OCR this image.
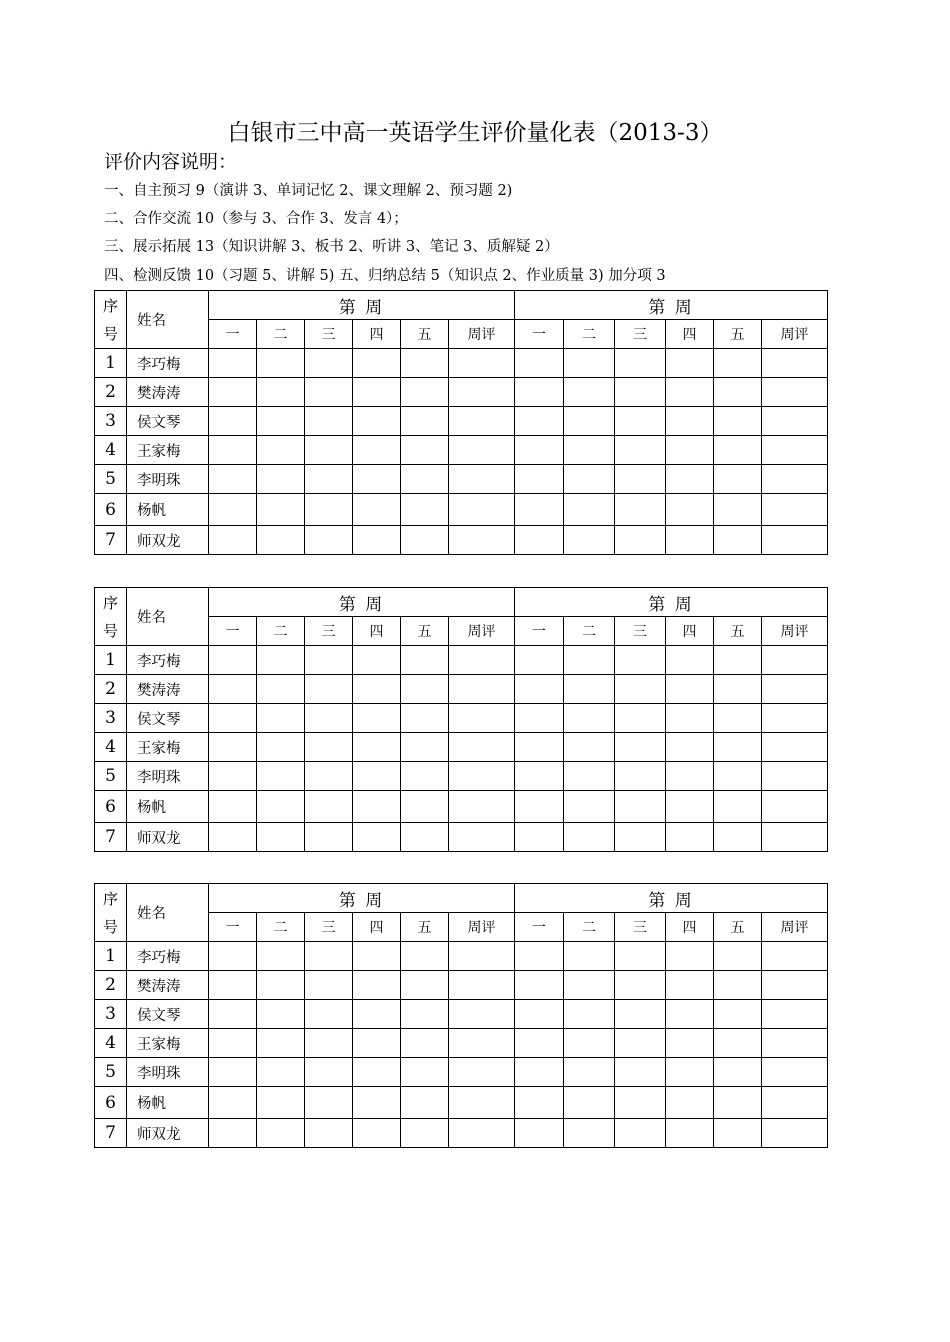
白银市三中高一英语学生评价量化表（2013-3）
评价内容说明：
一、自主预习 9（演讲 3、单词记忆 2、课文理解 2、预习题 2)
二、合作交流 10（参与 3、合作 3、发言 4）；
三、展示拓展 13（知识讲解 3、板书 2、听讲 3、笔记 3、质解疑 2）
四、检测反馈 10（习题 5、讲解 5) 五、归纳总结 5（知识点 2、作业质量 3) 加分项 3
序
号	姓名	第 周						第 周					
		一	二	三	四	五	周评	一	二	三	四	五	周评
1	李巧梅												
2	樊涛涛												
3	侯文琴												
4	王家梅												
5	李明珠												
6	杨帆												
7	师双龙												
序
号	姓名	第 周						第 周					
		一	二	三	四	五	周评	一	二	三	四	五	周评
1	李巧梅												
2	樊涛涛												
3	侯文琴												
4	王家梅												
5	李明珠												
6	杨帆												
7	师双龙												
序
号	姓名	第 周						第 周					
		一	二	三	四	五	周评	一	二	三	四	五	周评
1	李巧梅												
2	樊涛涛												
3	侯文琴												
4	王家梅												
5	李明珠												
6	杨帆												
7	师双龙												
